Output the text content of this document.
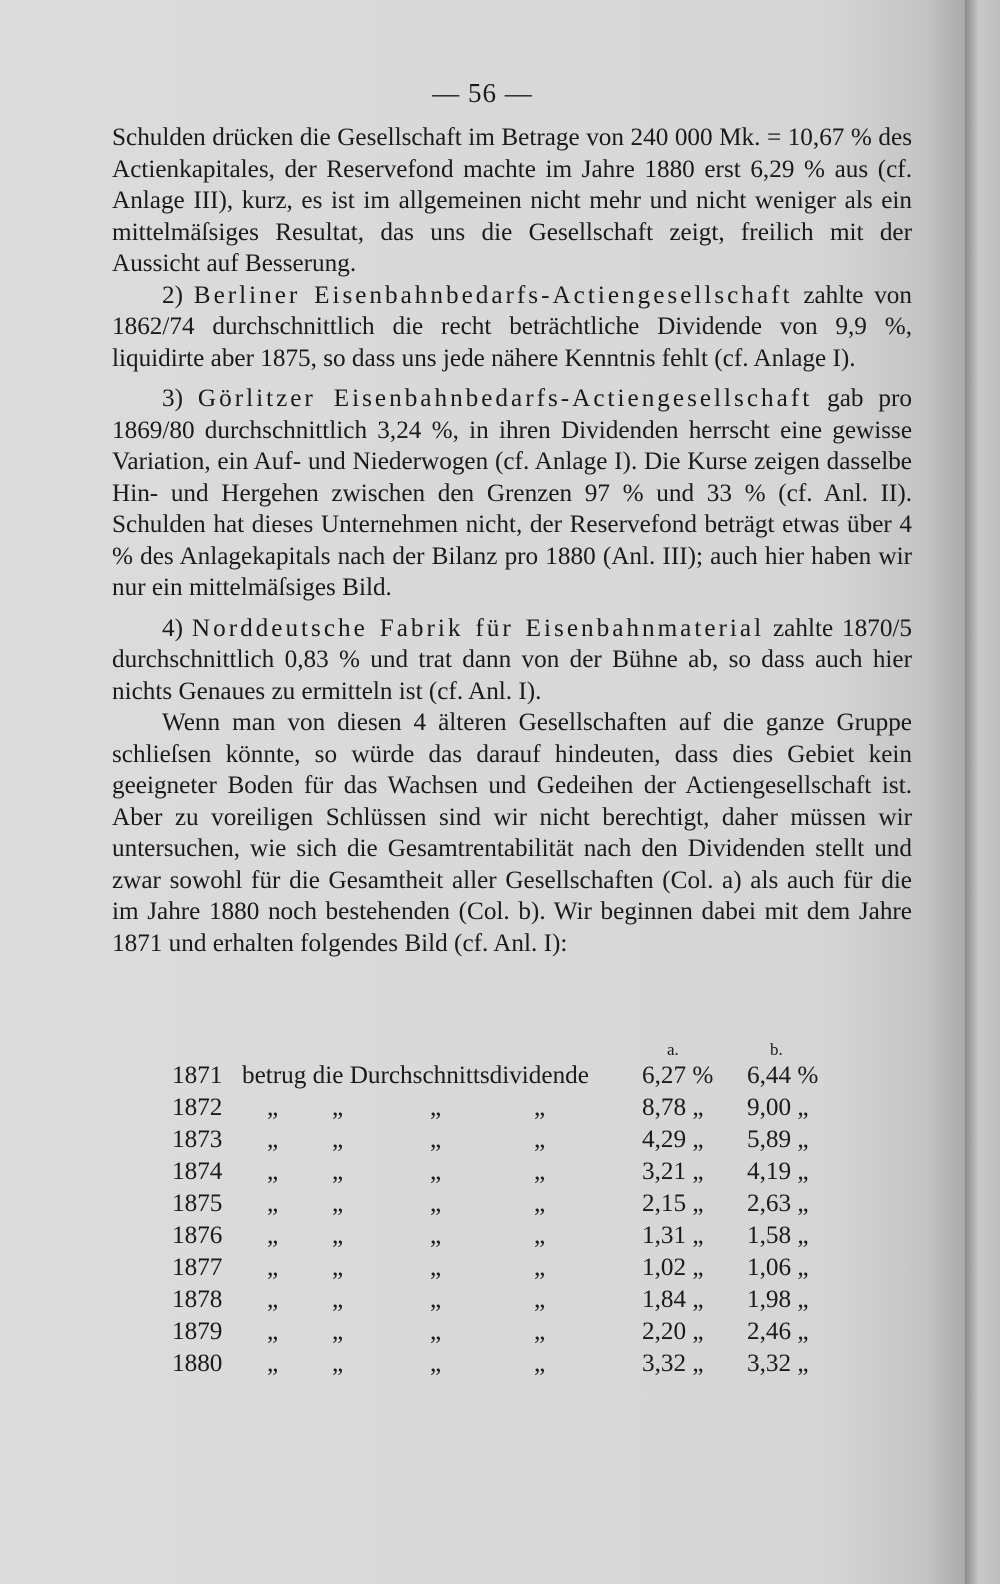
— 56 —

Schulden drücken die Gesellschaft im Betrage von 240 000 Mk. = 10,67 % des Actienkapitales, der Reservefond machte im Jahre 1880 erst 6,29 % aus (cf. Anlage III), kurz, es ist im allgemeinen nicht mehr und nicht weniger als ein mittelmäſsiges Resultat, das uns die Gesellschaft zeigt, freilich mit der Aussicht auf Besserung.

2) Berliner Eisenbahnbedarfs-Actiengesellschaft zahlte von 1862/74 durchschnittlich die recht beträchtliche Dividende von 9,9 %, liquidirte aber 1875, so dass uns jede nähere Kenntnis fehlt (cf. Anlage I).

3) Görlitzer Eisenbahnbedarfs-Actiengesellschaft gab pro 1869/80 durchschnittlich 3,24 %, in ihren Dividenden herrscht eine gewisse Variation, ein Auf- und Niederwogen (cf. Anlage I). Die Kurse zeigen dasselbe Hin- und Hergehen zwischen den Grenzen 97 % und 33 % (cf. Anl. II). Schulden hat dieses Unternehmen nicht, der Reservefond beträgt etwas über 4 % des Anlagekapitals nach der Bilanz pro 1880 (Anl. III); auch hier haben wir nur ein mittelmäſsiges Bild.

4) Norddeutsche Fabrik für Eisenbahnmaterial zahlte 1870/5 durchschnittlich 0,83 % und trat dann von der Bühne ab, so dass auch hier nichts Genaues zu ermitteln ist (cf. Anl. I).

Wenn man von diesen 4 älteren Gesellschaften auf die ganze Gruppe schlieſsen könnte, so würde das darauf hindeuten, dass dies Gebiet kein geeigneter Boden für das Wachsen und Gedeihen der Actiengesellschaft ist. Aber zu voreiligen Schlüssen sind wir nicht berechtigt, daher müssen wir untersuchen, wie sich die Gesamtrentabilität nach den Dividenden stellt und zwar sowohl für die Gesamtheit aller Gesellschaften (Col. a) als auch für die im Jahre 1880 noch bestehenden (Col. b). Wir beginnen dabei mit dem Jahre 1871 und erhalten folgendes Bild (cf. Anl. I):

a.	b.
1871 betrug die Durchschnittsdividende 6,27 % 6,44 %
1872 „ „	„	„	8,78 „ 9,00 „
1873 „ „	„	„	4,29 „ 5,89 „
1874 „ „	„	„	3,21 „ 4,19 „
1875 „ „	„	„	2,15 „ 2,63 „
1876 „ „	„	„	1,31 „ 1,58 „
1877 „ „	„	„	1,02 „ 1,06 „
1878 „ „	„	„	1,84 „ 1,98 „
1879 „ „	„	„	2,20 „ 2,46 „
1880 „ „	„	„	3,32 „ 3,32 „
